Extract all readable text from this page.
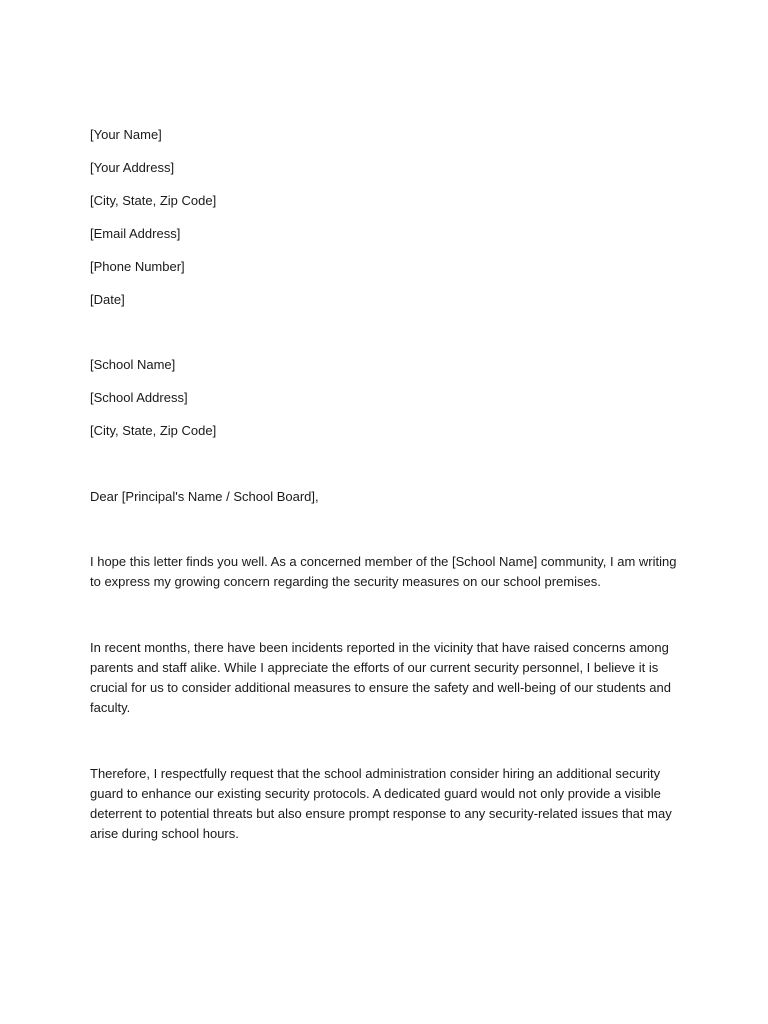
[Your Name]
[Your Address]
[City, State, Zip Code]
[Email Address]
[Phone Number]
[Date]
[School Name]
[School Address]
[City, State, Zip Code]
Dear [Principal's Name / School Board],
I hope this letter finds you well. As a concerned member of the [School Name] community, I am writing
to express my growing concern regarding the security measures on our school premises.
In recent months, there have been incidents reported in the vicinity that have raised concerns among
parents and staff alike. While I appreciate the efforts of our current security personnel, I believe it is
crucial for us to consider additional measures to ensure the safety and well-being of our students and
faculty.
Therefore, I respectfully request that the school administration consider hiring an additional security
guard to enhance our existing security protocols. A dedicated guard would not only provide a visible
deterrent to potential threats but also ensure prompt response to any security-related issues that may
arise during school hours.
